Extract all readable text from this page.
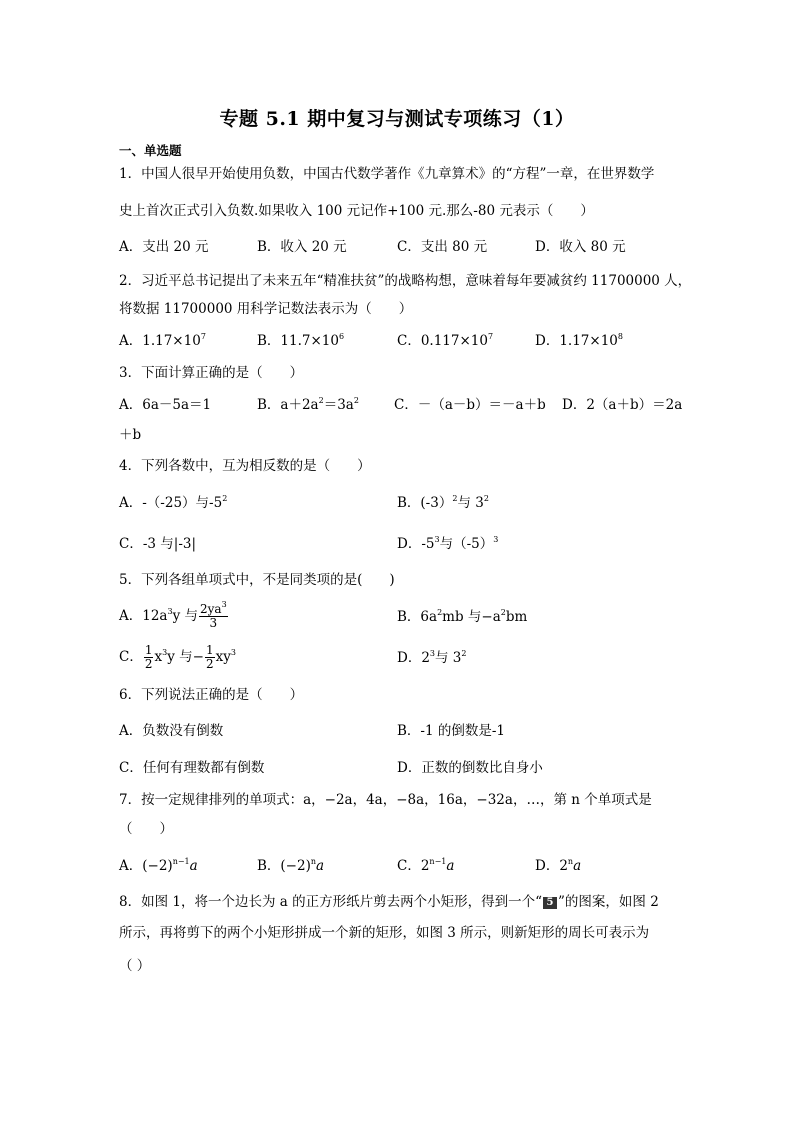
专题 5.1 期中复习与测试专项练习（1）
一、单选题
1．中国人很早开始使用负数，中国古代数学著作《九章算术》的“方程”一章，在世界数学
史上首次正式引入负数.如果收入 100 元记作+100 元.那么-80 元表示（　　）
A．支出 20 元	B．收入 20 元	C．支出 80 元	D．收入 80 元
2．习近平总书记提出了未来五年“精准扶贫”的战略构想，意味着每年要减贫约 11700000 人，
将数据 11700000 用科学记数法表示为（　　）
A．$1.17\times 10^7$	B．$11.7\times 10^6$	C．$0.117\times 10^7$	D．$1.17\times 10^8$
3．下面计算正确的是（　　）
A．6a－5a＝1	B．$a+2a^2=3a^2$	C．－（a－b）＝－a＋b D．2（a＋b）＝2a
＋b
4．下列各数中，互为相反数的是（　　）
A．-（-25）与$-5^2$	B．(-3）$^2$与 $3^2$
C．-3 与|-3|	D．$-5^3$与$(-5)^3$
5．下列各组单项式中，不是同类项的是(　　)
A．$12a^3y$ 与 $\frac{2ya^3}{3}$	B．$6a^2mb$ 与$-a^2bm$
C． $\frac{1}{2} x^3y$ 与− $\frac{1}{2} xy^3$	D．$2^3$与 $3^2$
6．下列说法正确的是（　　）
A．负数没有倒数	B．-1 的倒数是-1
C．任何有理数都有倒数	D．正数的倒数比自身小
7．按一定规律排列的单项式：a，−2a，4a，−8a，16a，−32a，…，第 n 个单项式是
（　　）
A．$(-2)^{n-1}a$	B．$(-2)^na$	C．$2^{n-1}a$	D．2$^n$a
8．如图 1，将一个边长为 a 的正方形纸片剪去两个小矩形，得到一个“ 5 ”的图案，如图 2
所示，再将剪下的两个小矩形拼成一个新的矩形，如图 3 所示，则新矩形的周长可表示为
（ ）
